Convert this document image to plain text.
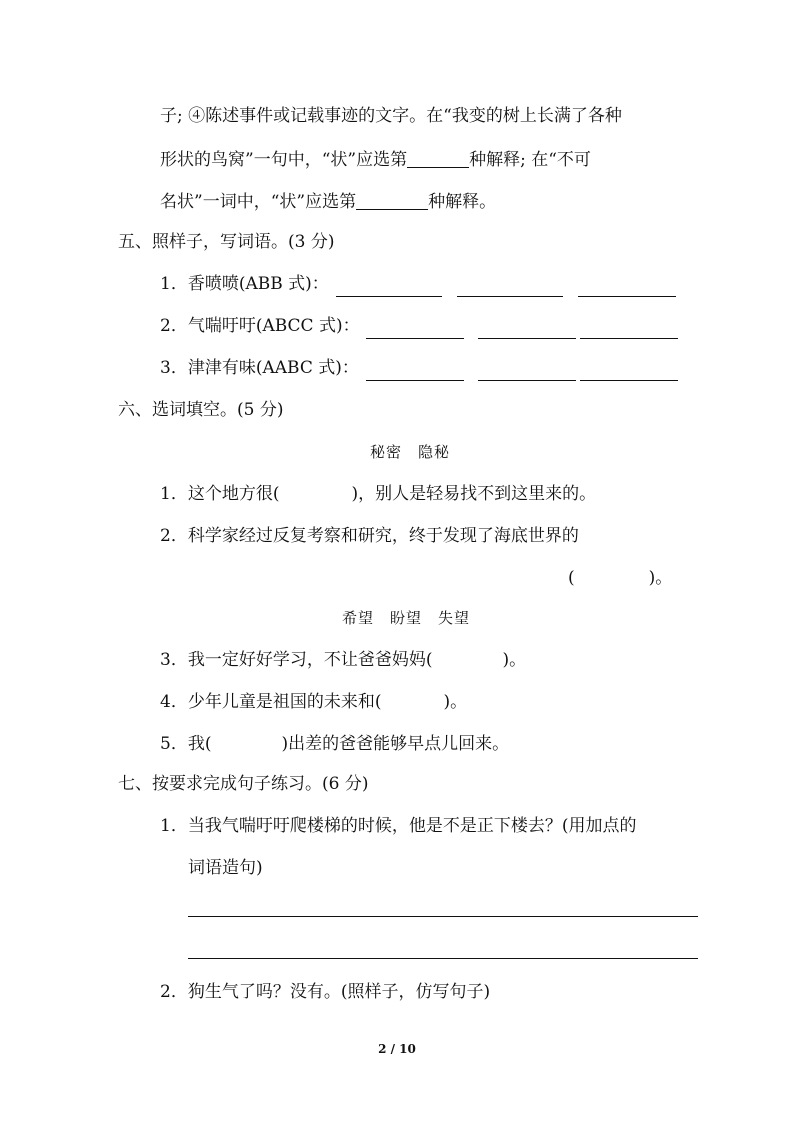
子; ④陈述事件或记载事迹的文字。在“我变的树上长满了各种
形状的鸟窝”一句中，“状”应选第	种解释; 在“不可
名状”一词中，“状”应选第	种解释。
五、照样子，写词语。(3 分)
1．香喷喷(ABB 式)：
2．气喘吁吁(ABCC 式)：
3．津津有味(AABC 式)：
六、选词填空。(5 分)
秘密　隐秘
1．这个地方很(	)，别人是轻易找不到这里来的。
2．科学家经过反复考察和研究，终于发现了海底世界的
(	)。
希望　盼望　失望
3．我一定好好学习，不让爸爸妈妈(	)。
4．少年儿童是祖国的未来和(	)。
5．我(	)出差的爸爸能够早点儿回来。
七、按要求完成句子练习。(6 分)
1．当我气喘吁吁爬楼梯的时候，他是不是正下楼去？(用加点的
词语造句)
2．狗生气了吗？没有。(照样子，仿写句子)
2 / 10
